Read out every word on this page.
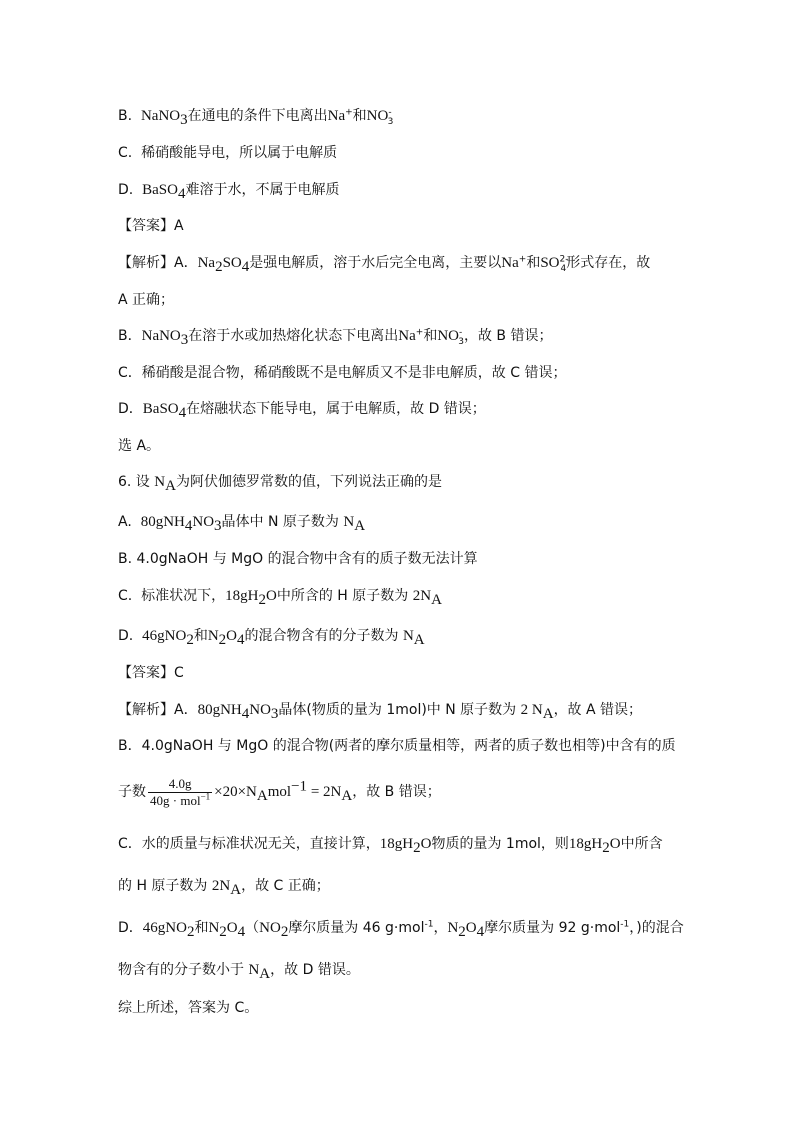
B. NaNO$_3$在通电的条件下电离出Na+和$NO^-_3$
C. 稀硝酸能导电，所以属于电解质
D. BaSO$_4$难溶于水，不属于电解质
【答案】A
【解析】A．$Na_2SO_4$是强电解质，溶于水后完全电离，主要以Na+和$SO^{2-}_4$形式存在，故
A 正确；
B．NaNO$_3$在溶于水或加热熔化状态下电离出Na+和$NO^-_3$，故 B 错误；
C．稀硝酸是混合物，稀硝酸既不是电解质又不是非电解质，故 C 错误；
D．BaSO$_4$在熔融状态下能导电，属于电解质，故 D 错误；
选 A。
6. 设 $N_A$为阿伏伽德罗常数的值，下列说法正确的是
A. $80gNH_4NO_3$晶体中 N 原子数为 $N_A$
B. 4.0gNaOH 与 MgO 的混合物中含有的质子数无法计算
C. 标准状况下，$18gH_2O$中所含的 H 原子数为 $2N_A$
D. 46gNO$_2$和$N_2O_4$的混合物含有的分子数为 $N_A$
【答案】C
【解析】A．$80gNH_4NO_3$晶体(物质的量为 1mol)中 N 原子数为 2 $N_A$，故 A 错误；
B．4.0gNaOH 与 MgO 的混合物(两者的摩尔质量相等，两者的质子数也相等)中含有的质
子数 $\frac{4.0g}{40g \cdot mol^{-1}} \times 20\times N_Amol^{-1} = 2N_A$，故 B 错误；
C．水的质量与标准状况无关，直接计算，$18gH_2O$物质的量为 1mol，则$18gH_2O$中所含
的 H 原子数为 $2N_A$，故 C 正确；
D．46gNO$_2$和$N_2O_4(NO_2$摩尔质量为 46 g·mol$^{-1}$，$N_2O_4$摩尔质量为 92 g·mol$^{-1}$，)的混合
物含有的分子数小于 $N_A$，故 D 错误。
综上所述，答案为 C。
